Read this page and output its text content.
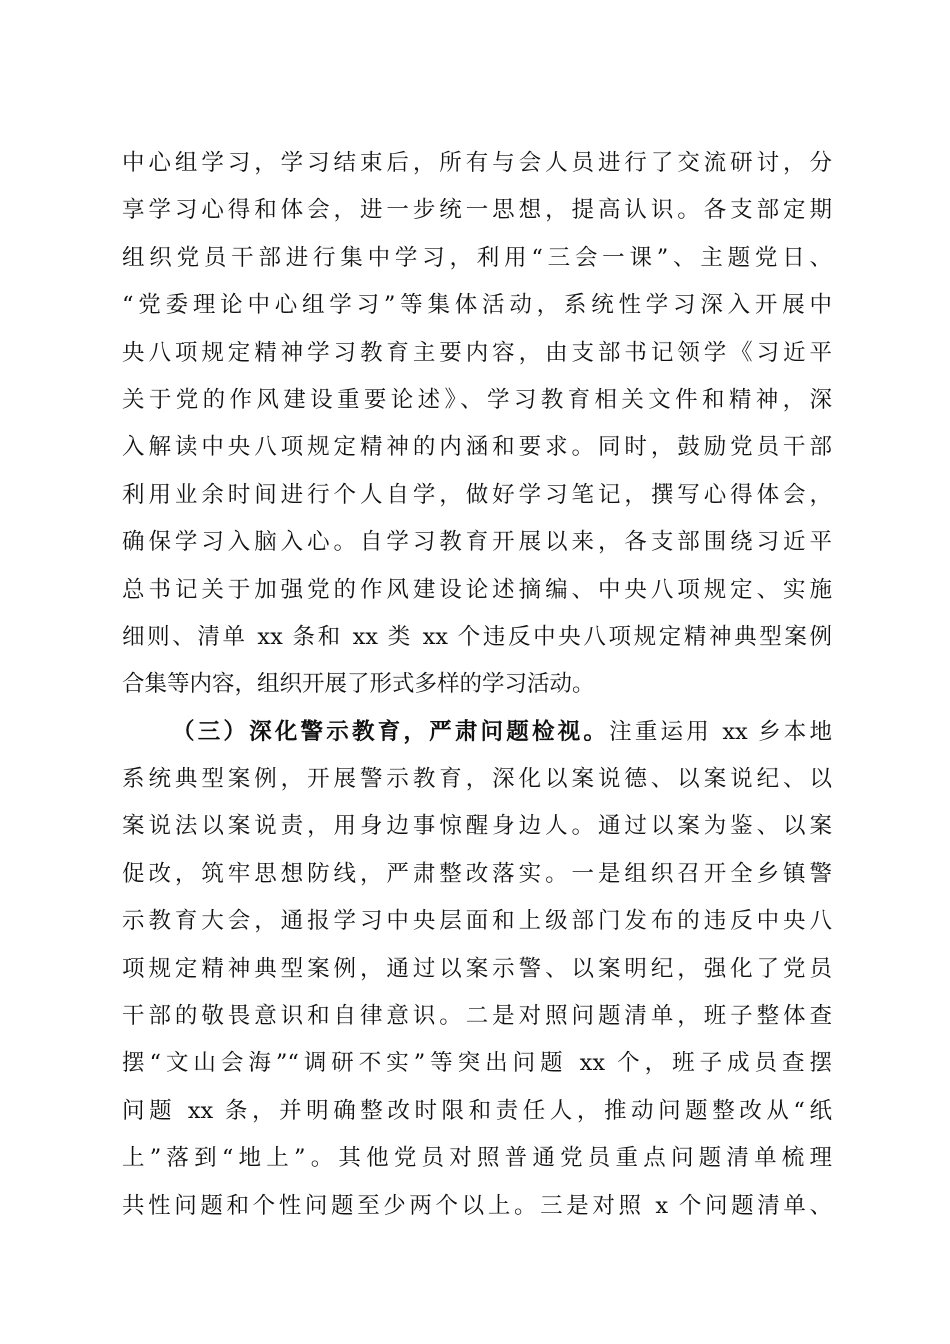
中心组学习，学习结束后，所有与会人员进行了交流研讨，分
享学习心得和体会，进一步统一思想，提高认识。各支部定期
组织党员干部进行集中学习，利用“三会一课”、主题党日、
“党委理论中心组学习”等集体活动，系统性学习深入开展中
央八项规定精神学习教育主要内容，由支部书记领学《习近平
关于党的作风建设重要论述》、学习教育相关文件和精神，深
入解读中央八项规定精神的内涵和要求。同时，鼓励党员干部
利用业余时间进行个人自学，做好学习笔记，撰写心得体会，
确保学习入脑入心。自学习教育开展以来，各支部围绕习近平
总书记关于加强党的作风建设论述摘编、中央八项规定、实施
细则、清单 xx 条和 xx 类 xx 个违反中央八项规定精神典型案例
合集等内容，组织开展了形式多样的学习活动。
（三）深化警示教育，严肃问题检视。注重运用 xx 乡本地
系统典型案例，开展警示教育，深化以案说德、以案说纪、以
案说法以案说责，用身边事惊醒身边人。通过以案为鉴、以案
促改，筑牢思想防线，严肃整改落实。一是组织召开全乡镇警
示教育大会，通报学习中央层面和上级部门发布的违反中央八
项规定精神典型案例，通过以案示警、以案明纪，强化了党员
干部的敬畏意识和自律意识。二是对照问题清单，班子整体查
摆“文山会海”“调研不实”等突出问题 xx 个，班子成员查摆
问题 xx 条，并明确整改时限和责任人，推动问题整改从“纸
上”落到“地上”。其他党员对照普通党员重点问题清单梳理
共性问题和个性问题至少两个以上。三是对照 x 个问题清单、
